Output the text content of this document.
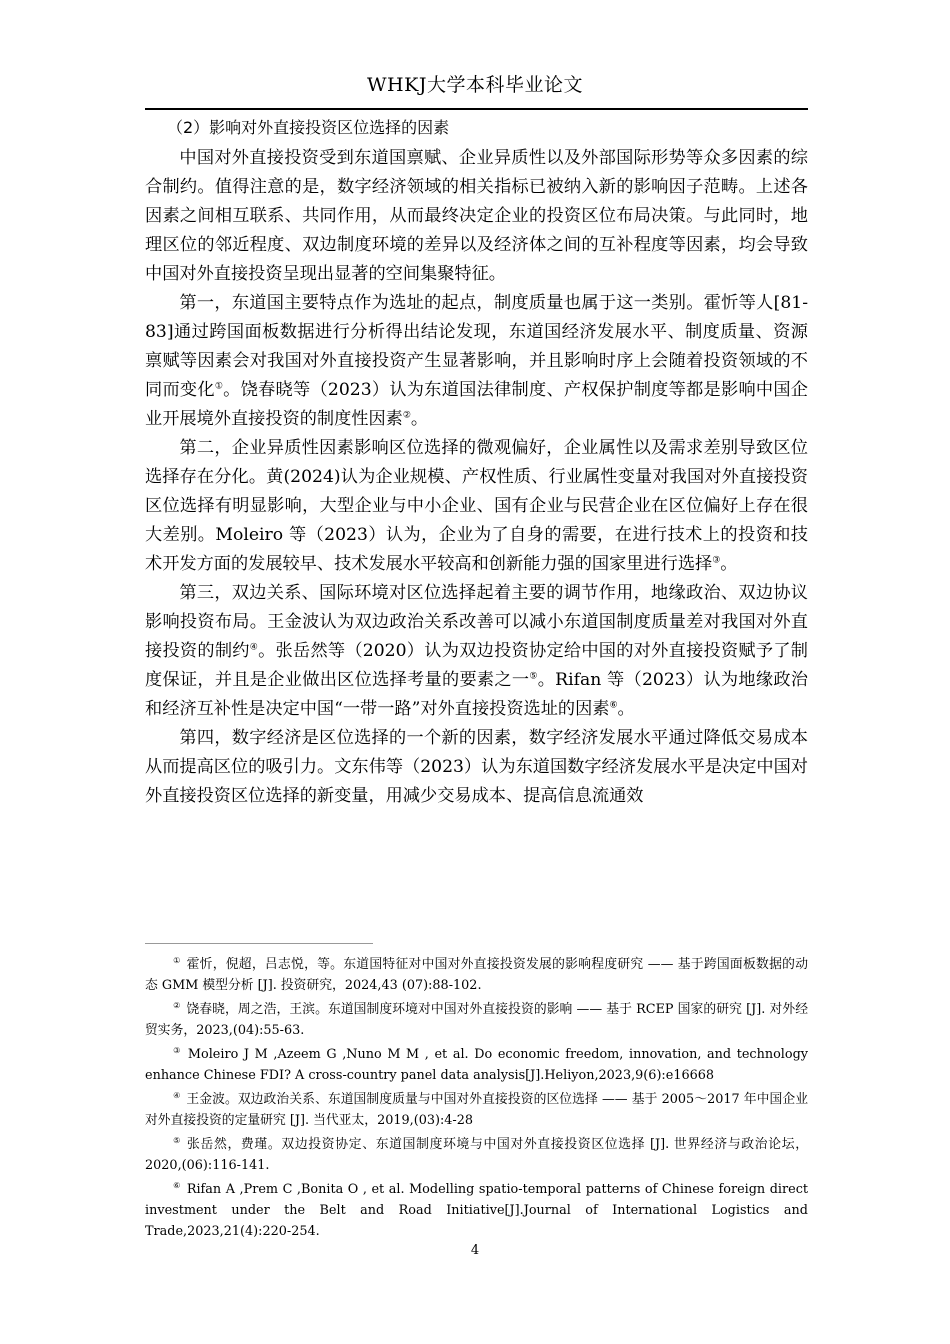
WHKJ大学本科毕业论文
（2）影响对外直接投资区位选择的因素

中国对外直接投资受到东道国禀赋、企业异质性以及外部国际形势等众多因素的综合制约。值得注意的是，数字经济领域的相关指标已被纳入新的影响因子范畴。上述各因素之间相互联系、共同作用，从而最终决定企业的投资区位布局决策。与此同时，地理区位的邻近程度、双边制度环境的差异以及经济体之间的互补程度等因素，均会导致中国对外直接投资呈现出显著的空间集聚特征。

第一，东道国主要特点作为选址的起点，制度质量也属于这一类别。霍忻等人[81-83]通过跨国面板数据进行分析得出结论发现，东道国经济发展水平、制度质量、资源禀赋等因素会对我国对外直接投资产生显著影响，并且影响时序上会随着投资领域的不同而变化①。饶春晓等（2023）认为东道国法律制度、产权保护制度等都是影响中国企业开展境外直接投资的制度性因素②。

第二，企业异质性因素影响区位选择的微观偏好，企业属性以及需求差别导致区位选择存在分化。黄(2024)认为企业规模、产权性质、行业属性变量对我国对外直接投资区位选择有明显影响，大型企业与中小企业、国有企业与民营企业在区位偏好上存在很大差别。Moleiro 等（2023）认为，企业为了自身的需要，在进行技术上的投资和技术开发方面的发展较早、技术发展水平较高和创新能力强的国家里进行选择③。

第三，双边关系、国际环境对区位选择起着主要的调节作用，地缘政治、双边协议影响投资布局。王金波认为双边政治关系改善可以减小东道国制度质量差对我国对外直接投资的制约④。张岳然等（2020）认为双边投资协定给中国的对外直接投资赋予了制度保证，并且是企业做出区位选择考量的要素之一⑤。Rifan 等（2023）认为地缘政治和经济互补性是决定中国“一带一路”对外直接投资选址的因素⑥。

第四，数字经济是区位选择的一个新的因素，数字经济发展水平通过降低交易成本从而提高区位的吸引力。文东伟等（2023）认为东道国数字经济发展水平是决定中国对外直接投资区位选择的新变量，用减少交易成本、提高信息流通效

① 霍忻，倪超，吕志悦，等。东道国特征对中国对外直接投资发展的影响程度研究 —— 基于跨国面板数据的动态 GMM 模型分析 [J]. 投资研究，2024,43 (07):88-102.

② 饶春晓，周之浩，王滨。东道国制度环境对中国对外直接投资的影响 —— 基于 RCEP 国家的研究 [J]. 对外经贸实务，2023,(04):55-63.

③ Moleiro J M ,Azeem G ,Nuno M M , et al. Do economic freedom, innovation, and technology enhance Chinese FDI? A cross-country panel data analysis[J].Heliyon,2023,9(6):e16668

④ 王金波。双边政治关系、东道国制度质量与中国对外直接投资的区位选择 —— 基于 2005～2017 年中国企业对外直接投资的定量研究 [J]. 当代亚太，2019,(03):4-28

⑤ 张岳然，费瑾。双边投资协定、东道国制度环境与中国对外直接投资区位选择 [J]. 世界经济与政治论坛，2020,(06):116-141.

⑥ Rifan A ,Prem C ,Bonita O , et al. Modelling spatio-temporal patterns of Chinese foreign direct investment under the Belt and Road Initiative[J].Journal of International Logistics and Trade,2023,21(4):220-254.

4
